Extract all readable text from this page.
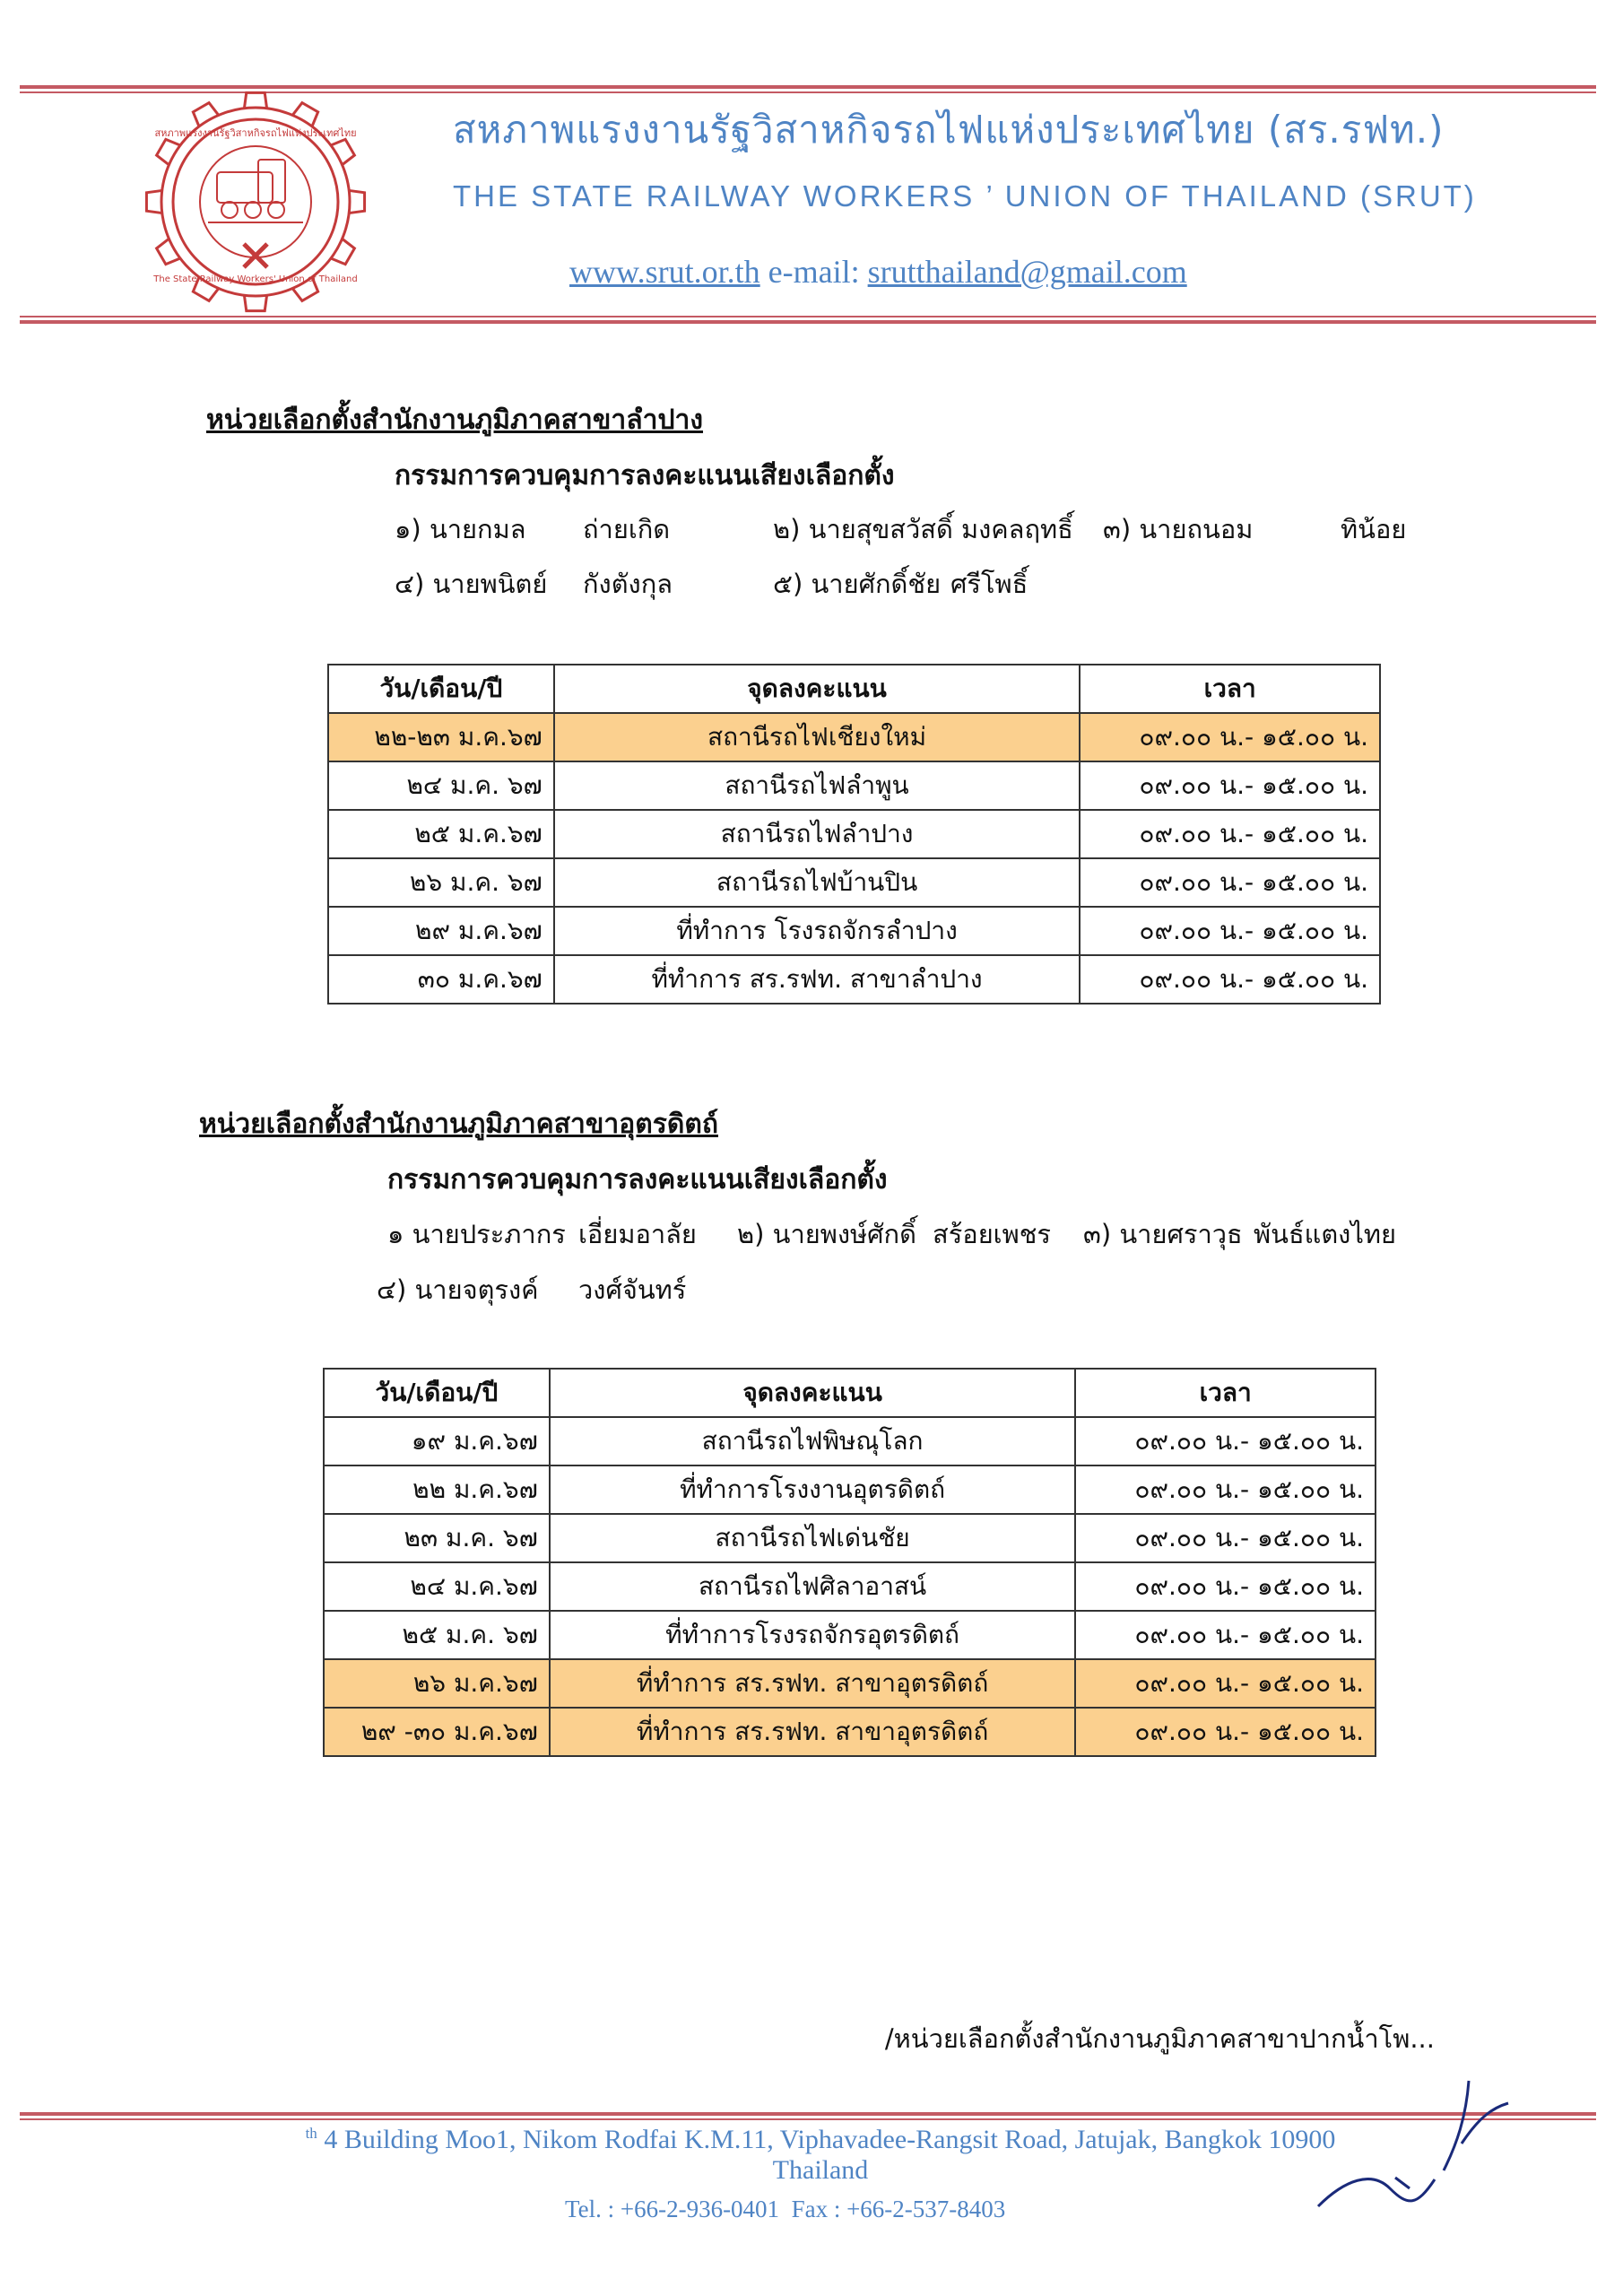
สหภาพแรงงานรัฐวิสาหกิจรถไฟแห่งประเทศไทย
The State Railway Workers' Union of Thailand
สหภาพแรงงานรัฐวิสาหกิจรถไฟแห่งประเทศไทย (สร.รฟท.)
THE STATE RAILWAY WORKERS ’ UNION OF THAILAND (SRUT)
www.srut.or.th e-mail: srutthailand@gmail.com
หน่วยเลือกตั้งสำนักงานภูมิภาคสาขาลำปาง
กรรมการควบคุมการลงคะแนนเสียงเลือกตั้ง
๑) นายกมล ถ่ายเกิด	๒) นายสุขสวัสดิ์ มงคลฤทธิ์ ๓) นายถนอม	ทิน้อย
๔) นายพนิตย์ กังตังกุล	๕) นายศักดิ์ชัย ศรีโพธิ์
วัน/เดือน/ปี	จุดลงคะแนน	เวลา
๒๒-๒๓ ม.ค.๖๗	สถานีรถไฟเชียงใหม่	๐๙.๐๐ น.- ๑๕.๐๐ น.
๒๔ ม.ค. ๖๗	สถานีรถไฟลำพูน	๐๙.๐๐ น.- ๑๕.๐๐ น.
๒๕ ม.ค.๖๗	สถานีรถไฟลำปาง	๐๙.๐๐ น.- ๑๕.๐๐ น.
๒๖ ม.ค. ๖๗	สถานีรถไฟบ้านปิน	๐๙.๐๐ น.- ๑๕.๐๐ น.
๒๙ ม.ค.๖๗	ที่ทำการ โรงรถจักรลำปาง	๐๙.๐๐ น.- ๑๕.๐๐ น.
๓๐ ม.ค.๖๗	ที่ทำการ สร.รฟท. สาขาลำปาง	๐๙.๐๐ น.- ๑๕.๐๐ น.
หน่วยเลือกตั้งสำนักงานภูมิภาคสาขาอุตรดิตถ์
กรรมการควบคุมการลงคะแนนเสียงเลือกตั้ง
๑ นายประภากร เอี่ยมอาลัย ๒) นายพงษ์ศักดิ์ สร้อยเพชร ๓) นายศราวุธ พันธ์แตงไทย
๔) นายจตุรงค์ วงศ์จันทร์
วัน/เดือน/ปี	จุดลงคะแนน	เวลา
๑๙ ม.ค.๖๗	สถานีรถไฟพิษณุโลก	๐๙.๐๐ น.- ๑๕.๐๐ น.
๒๒ ม.ค.๖๗	ที่ทำการโรงงานอุตรดิตถ์	๐๙.๐๐ น.- ๑๕.๐๐ น.
๒๓ ม.ค. ๖๗	สถานีรถไฟเด่นชัย	๐๙.๐๐ น.- ๑๕.๐๐ น.
๒๔ ม.ค.๖๗	สถานีรถไฟศิลาอาสน์	๐๙.๐๐ น.- ๑๕.๐๐ น.
๒๕ ม.ค. ๖๗	ที่ทำการโรงรถจักรอุตรดิตถ์	๐๙.๐๐ น.- ๑๕.๐๐ น.
๒๖ ม.ค.๖๗	ที่ทำการ สร.รฟท. สาขาอุตรดิตถ์	๐๙.๐๐ น.- ๑๕.๐๐ น.
๒๙ -๓๐ ม.ค.๖๗	ที่ทำการ สร.รฟท. สาขาอุตรดิตถ์	๐๙.๐๐ น.- ๑๕.๐๐ น.
/หน่วยเลือกตั้งสำนักงานภูมิภาคสาขาปากน้ำโพ...
$^{th}$ 4 Building Moo1, Nikom Rodfai K.M.11, Viphavadee-Rangsit Road, Jatujak, Bangkok 10900
Thailand
Tel. : +66-2-936-0401 Fax : +66-2-537-8403
